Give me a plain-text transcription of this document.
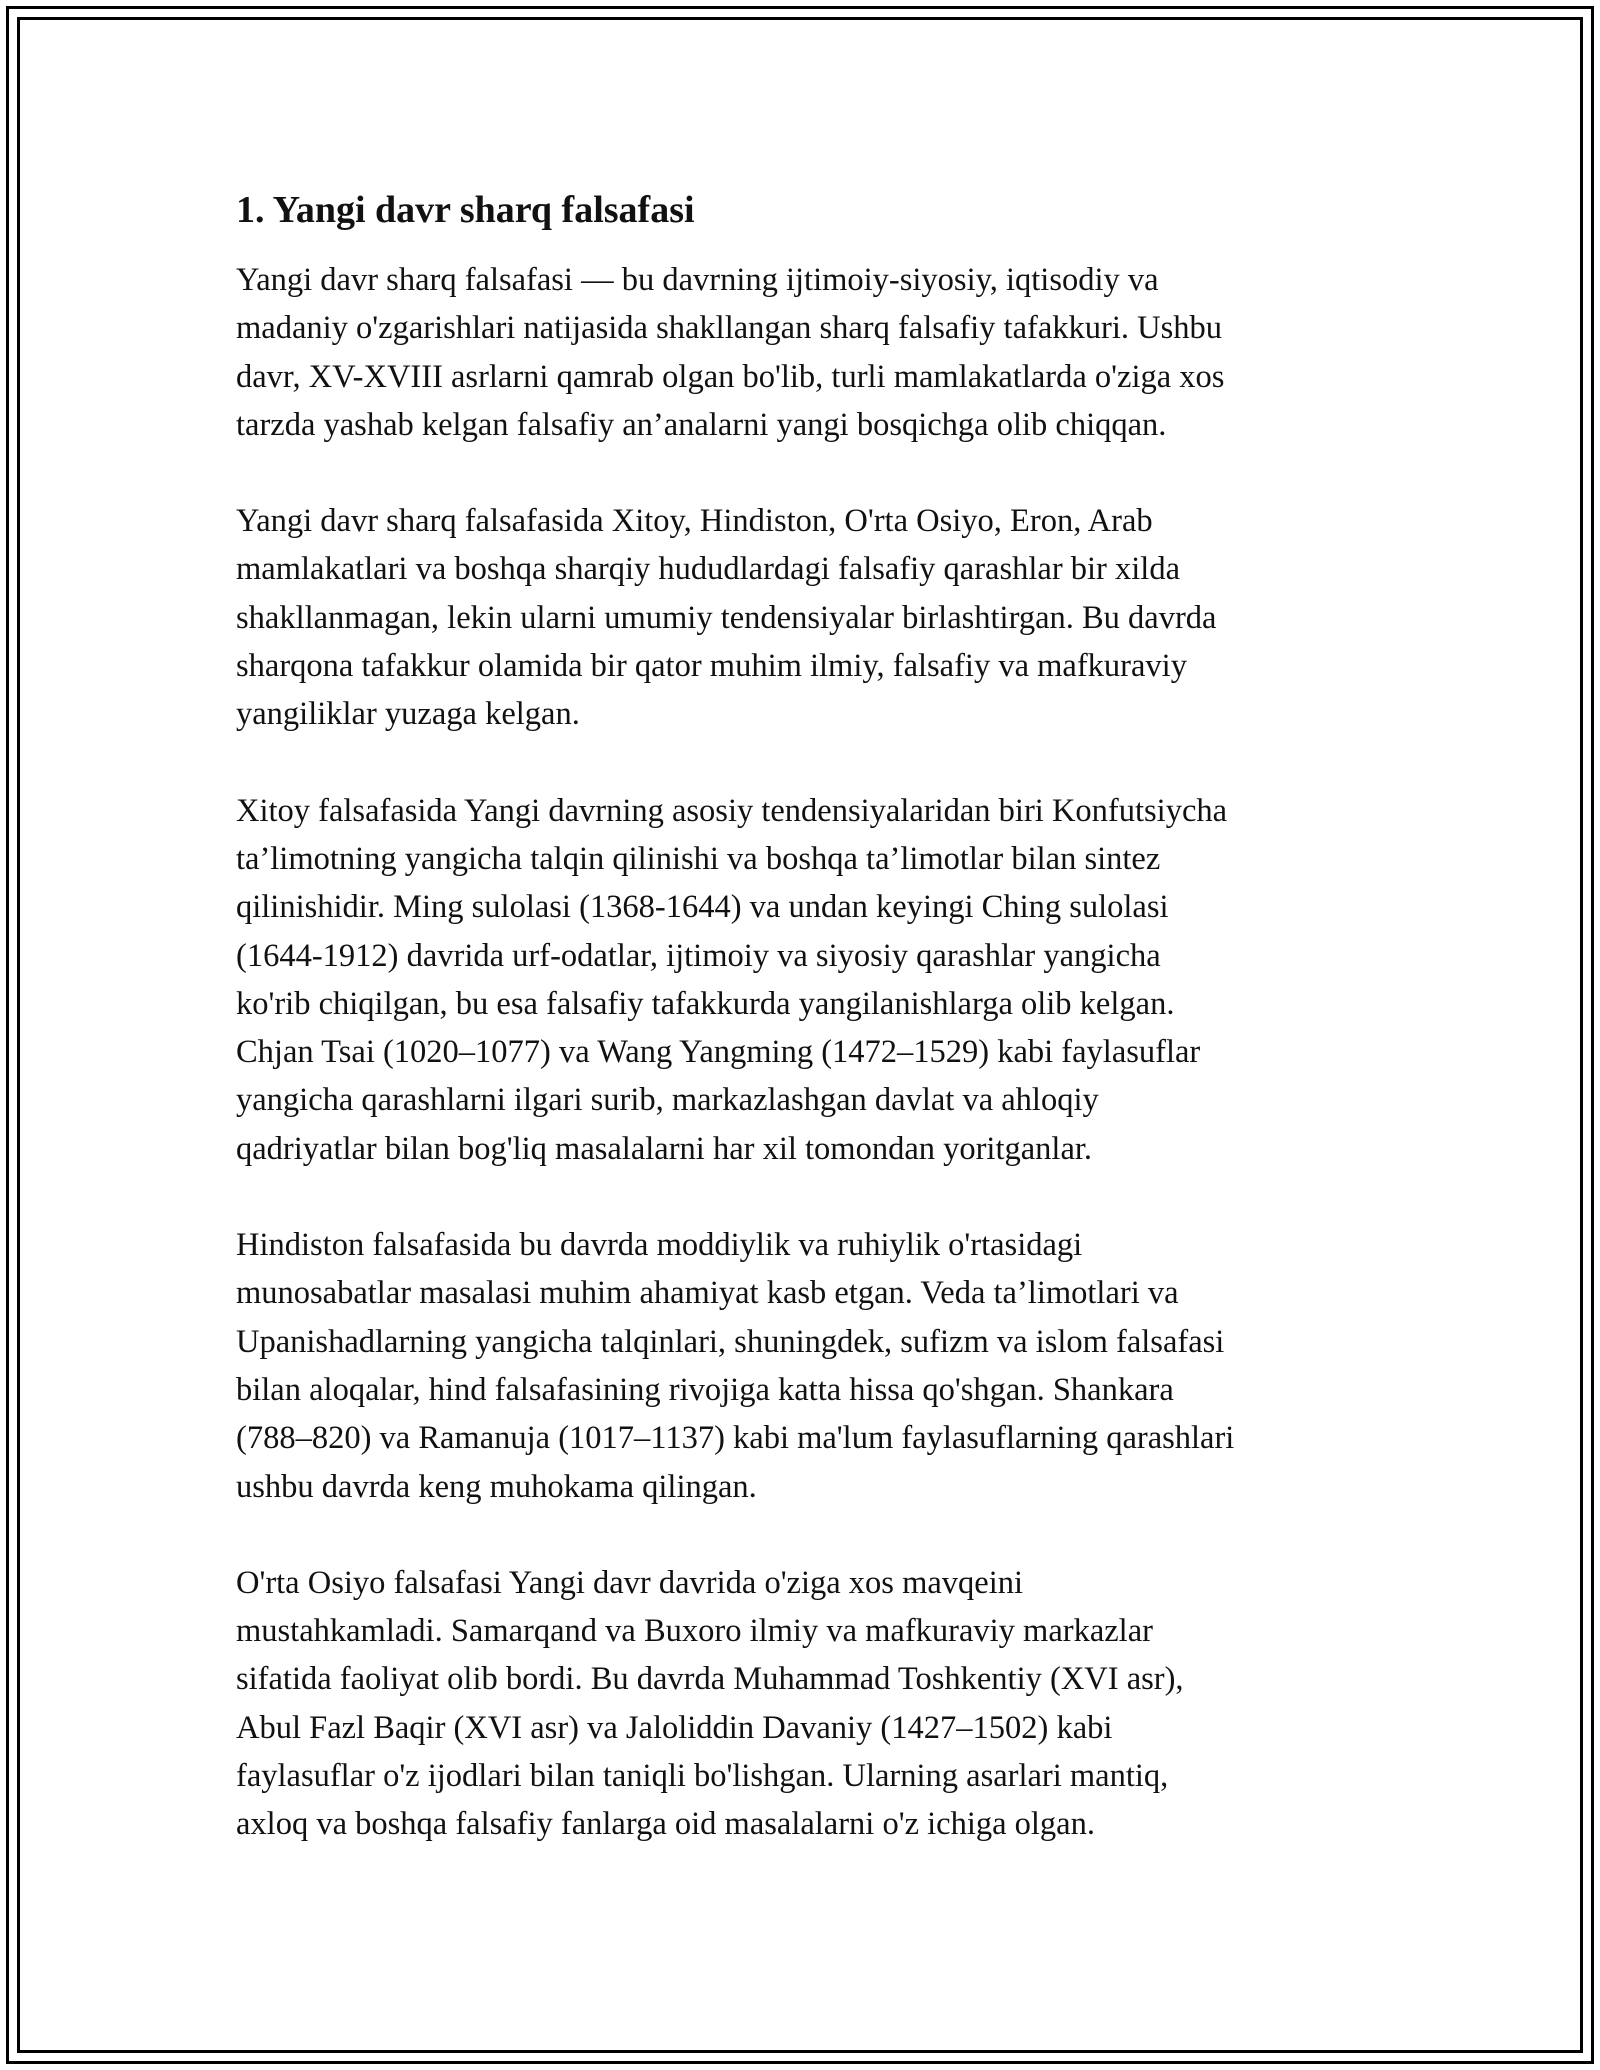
1. Yangi davr sharq falsafasi

Yangi davr sharq falsafasi — bu davrning ijtimoiy-siyosiy, iqtisodiy va
madaniy o'zgarishlari natijasida shakllangan sharq falsafiy tafakkuri. Ushbu
davr, XV-XVIII asrlarni qamrab olgan bo'lib, turli mamlakatlarda o'ziga xos
tarzda yashab kelgan falsafiy an’analarni yangi bosqichga olib chiqqan.

Yangi davr sharq falsafasida Xitoy, Hindiston, O'rta Osiyo, Eron, Arab
mamlakatlari va boshqa sharqiy hududlardagi falsafiy qarashlar bir xilda
shakllanmagan, lekin ularni umumiy tendensiyalar birlashtirgan. Bu davrda
sharqona tafakkur olamida bir qator muhim ilmiy, falsafiy va mafkuraviy
yangiliklar yuzaga kelgan.

Xitoy falsafasida Yangi davrning asosiy tendensiyalaridan biri Konfutsiycha
ta’limotning yangicha talqin qilinishi va boshqa ta’limotlar bilan sintez
qilinishidir. Ming sulolasi (1368-1644) va undan keyingi Ching sulolasi
(1644-1912) davrida urf-odatlar, ijtimoiy va siyosiy qarashlar yangicha
ko'rib chiqilgan, bu esa falsafiy tafakkurda yangilanishlarga olib kelgan.
Chjan Tsai (1020–1077) va Wang Yangming (1472–1529) kabi faylasuflar
yangicha qarashlarni ilgari surib, markazlashgan davlat va ahloqiy
qadriyatlar bilan bog'liq masalalarni har xil tomondan yoritganlar.

Hindiston falsafasida bu davrda moddiylik va ruhiylik o'rtasidagi
munosabatlar masalasi muhim ahamiyat kasb etgan. Veda ta’limotlari va
Upanishadlarning yangicha talqinlari, shuningdek, sufizm va islom falsafasi
bilan aloqalar, hind falsafasining rivojiga katta hissa qo'shgan. Shankara
(788–820) va Ramanuja (1017–1137) kabi ma'lum faylasuflarning qarashlari
ushbu davrda keng muhokama qilingan.

O'rta Osiyo falsafasi Yangi davr davrida o'ziga xos mavqeini
mustahkamladi. Samarqand va Buxoro ilmiy va mafkuraviy markazlar
sifatida faoliyat olib bordi. Bu davrda Muhammad Toshkentiy (XVI asr),
Abul Fazl Baqir (XVI asr) va Jaloliddin Davaniy (1427–1502) kabi
faylasuflar o'z ijodlari bilan taniqli bo'lishgan. Ularning asarlari mantiq,
axloq va boshqa falsafiy fanlarga oid masalalarni o'z ichiga olgan.
